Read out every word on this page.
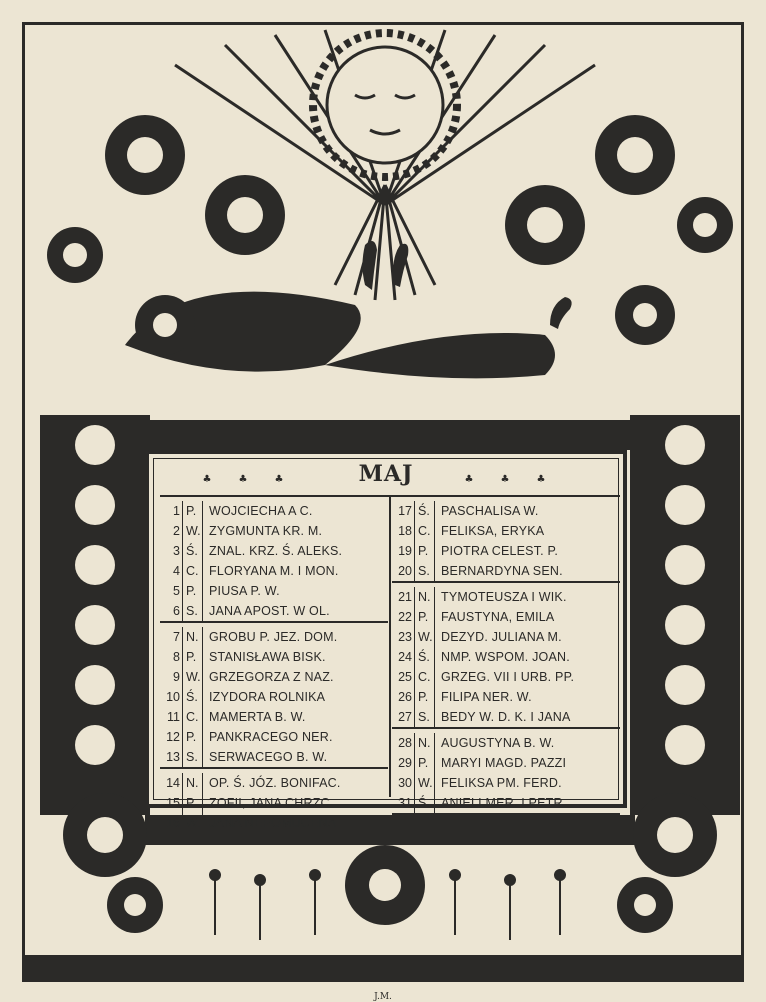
♣	♣	♣	MAJ	♣	♣	♣
1 P.	WOJCIECHA A C.
2 W. ZYGMUNTA KR. M.
3 Ś. ZNAL. KRZ. Ś. ALEKS.
4 C. FLORYANA M. I MON.
5 P.	PIUSA P. W.
6 S. JANA APOST. W OL.
7 N. GROBU P. JEZ. DOM.
8 P.	STANISŁAWA BISK.
9 W. GRZEGORZA Z NAZ.
10 Ś. IZYDORA ROLNIKA
11 C. MAMERTA B. W.
12 P.	PANKRACEGO NER.
13 S. SERWACEGO B. W.
14 N. OP. Ś. JÓZ. BONIFAC.
15 P.	ZOFII, JANA CHRZC.
16 W. JANA NEPOMUCENA
17 Ś. PASCHALISA W.
18 C. FELIKSA, ERYKA
19 P.	PIOTRA CELEST. P.
20 S. BERNARDYNA SEN.
21 N. TYMOTEUSZA I WIK.
22 P.	FAUSTYNA, EMILA
23 W. DEZYD. JULIANA M.
24 Ś. NMP. WSPOM. JOAN.
25 C. GRZEG. VII I URB. PP.
26 P.	FILIPA NER. W.
27 S. BEDY W. D. K. I JANA
28 N. AUGUSTYNA B. W.
29 P.	MARYI MAGD. PAZZI
30 W. FELIKSA PM. FERD.
31 Ś. ANIELI MER. I PETR.
J.M.
